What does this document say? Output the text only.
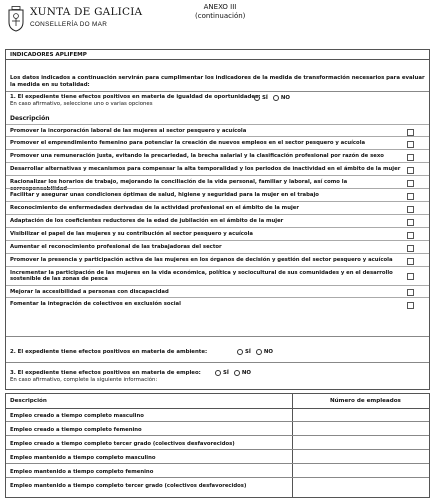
XUNTA DE GALICIA
CONSELLERÍA DO MAR
ANEXO III
(continuación)
INDICADORES APLIFEMP
Los datos indicados a continuación servirán para cumplimentar los indicadores de la medida de transformación necesarios para evaluar la medida en su totalidad:
1. El expediente tiene efectos positivos en materia de igualdad de oportunidades:
En caso afirmativo, seleccione uno o varias opciones
SÍ NO
Descripción
Promover la incorporación laboral de las mujeres al sector pesquero y acuícola
Promover el emprendimiento femenino para potenciar la creación de nuevos empleos en el sector pesquero y acuícola
Promover una remuneración justa, evitando la precariedad, la brecha salarial y la clasificación profesional por razón de sexo
Desarrollar alternativas y mecanismos para compensar la alta temporalidad y los periodos de inactividad en el ámbito de la mujer
Racionalizar los horarios de trabajo, mejorando la conciliación de la vida personal, familiar y laboral, así como la corresponsabilidad
Facilitar y asegurar unas condiciones óptimas de salud, higiene y seguridad para la mujer en el trabajo
Reconocimiento de enfermedades derivadas de la actividad profesional en el ámbito de la mujer
Adaptación de los coeficientes reductores de la edad de jubilación en el ámbito de la mujer
Visibilizar el papel de las mujeres y su contribución al sector pesquero y acuícola
Aumentar el reconocimiento profesional de las trabajadoras del sector
Promover la presencia y participación activa de las mujeres en los órganos de decisión y gestión del sector pesquero y acuícola
Incrementar la participación de las mujeres en la vida económica, política y sociocultural de sus comunidades y en el desarrollo sostenible de las zonas de pesca
Mejorar la accesibilidad a personas con discapacidad
Fomentar la integración de colectivos en exclusión social
2. El expediente tiene efectos positivos en materia de ambiente:	SÍ NO
3. El expediente tiene efectos positivos en materia de empleo:
En caso afirmativo, complete la siguiente información:
SÍ NO
Descripción	Número de empleados
Empleo creado a tiempo completo masculino
Empleo creado a tiempo completo femenino
Empleo creado a tiempo completo tercer grado (colectivos desfavorecidos)
Empleo mantenido a tiempo completo masculino
Empleo mantenido a tiempo completo femenino
Empleo mantenido a tiempo completo tercer grado (colectivos desfavorecidos)
